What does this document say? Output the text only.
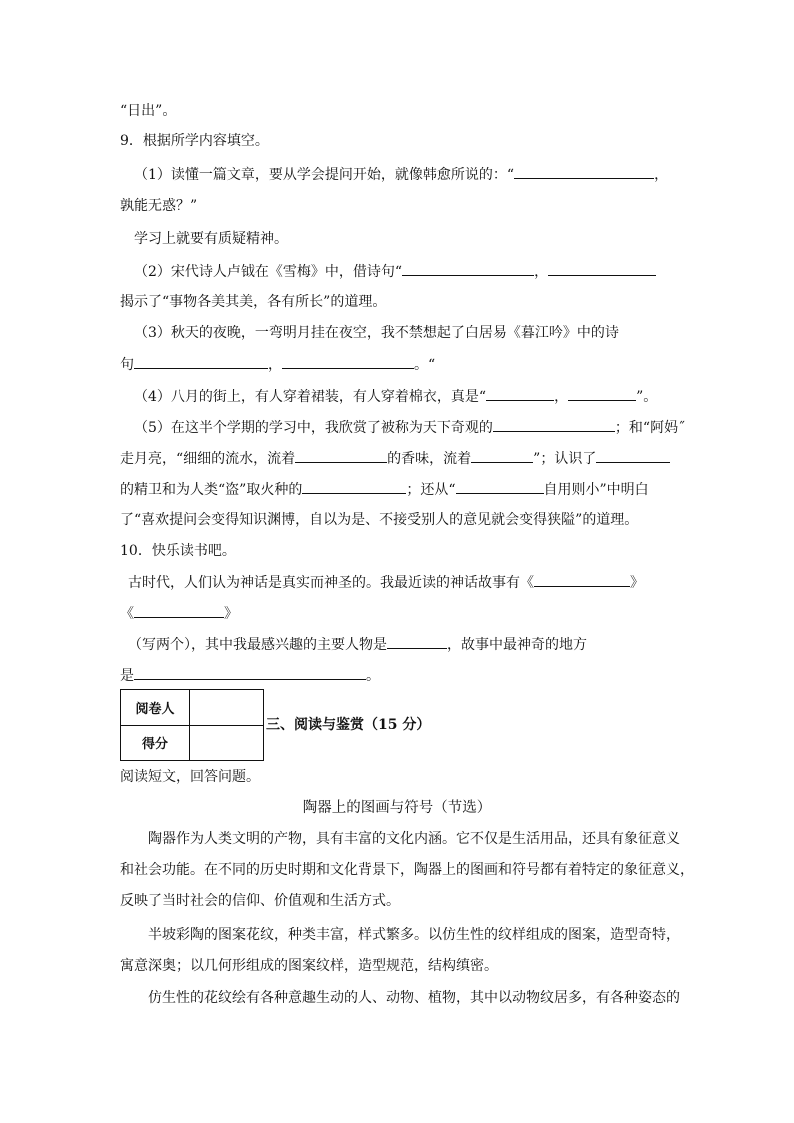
“日出”。
9．根据所学内容填空。
（1）读懂一篇文章，要从学会提问开始，就像韩愈所说的：“	，
孰能无惑？”
学习上就要有质疑精神。
（2）宋代诗人卢钺在《雪梅》中，借诗句“	，
揭示了“事物各美其美，各有所长”的道理。
（3）秋天的夜晚，一弯明月挂在夜空，我不禁想起了白居易《暮江吟》中的诗
句	，	。“
（4）八月的街上，有人穿着裙装，有人穿着棉衣，真是“	，	”。
（5）在这半个学期的学习中，我欣赏了被称为天下奇观的	；和“阿妈˝
走月亮，“细细的流水，流着	的香味，流着	”；认识了
的精卫和为人类“盗”取火种的	；还从“	自用则小”中明白
了“喜欢提问会变得知识渊博，自以为是、不接受别人的意见就会变得狭隘”的道理。
10．快乐读书吧。
古时代，人们认为神话是真实而神圣的。我最近读的神话故事有《	》
《	》
（写两个），其中我最感兴趣的主要人物是	，故事中最神奇的地方
是	。
阅卷人	
得分	
三、阅读与鉴赏（15 分）
阅读短文，回答问题。
陶器上的图画与符号（节选）
陶器作为人类文明的产物，具有丰富的文化内涵。它不仅是生活用品，还具有象征意义
和社会功能。在不同的历史时期和文化背景下，陶器上的图画和符号都有着特定的象征意义，
反映了当时社会的信仰、价值观和生活方式。
半坡彩陶的图案花纹，种类丰富，样式繁多。以仿生性的纹样组成的图案，造型奇特，
寓意深奥；以几何形组成的图案纹样，造型规范，结构缜密。
仿生性的花纹绘有各种意趣生动的人、动物、植物，其中以动物纹居多，有各种姿态的
